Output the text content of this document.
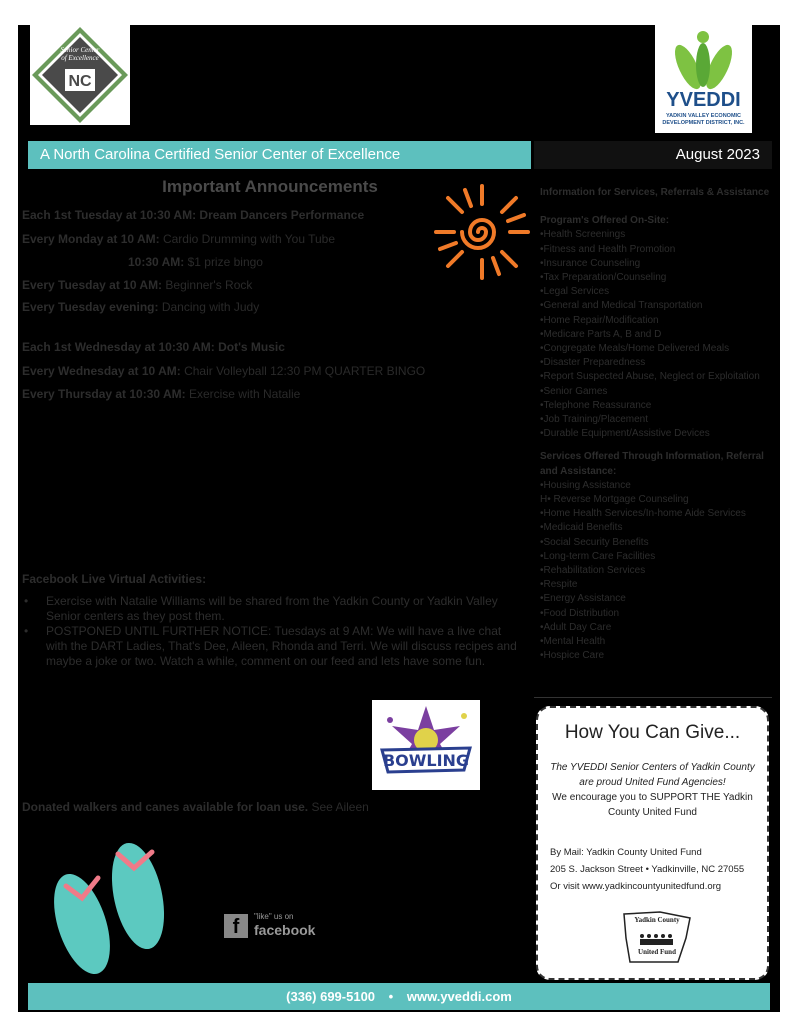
Senior Center
of Excellence
NC
YVEDDI
YADKIN VALLEY ECONOMIC DEVELOPMENT DISTRICT, INC.
A North Carolina Certified Senior Center of Excellence	August 2023
Important Announcements
Each 1st Tuesday at 10:30 AM: Dream Dancers Performance
Every Monday at 10 AM: Cardio Drumming with You Tube
10:30 AM: $1 prize bingo
Every Tuesday at 10 AM: Beginner's Rock
Every Tuesday evening: Dancing with Judy
Each 1st Wednesday at 10:30 AM: Dot's Music
Every Wednesday at 10 AM: Chair Volleyball 12:30 PM QUARTER BINGO
Every Thursday at 10:30 AM: Exercise with Natalie
Information for Services, Referrals & Assistance
Program's Offered On-Site:
• Health Screenings
• Fitness and Health Promotion
• Insurance Counseling
• Tax Preparation/Counseling
• Legal Services
• General and Medical Transportation
• Home Repair/Modification
• Medicare Parts A, B and D
• Congregate Meals/Home Delivered Meals
• Disaster Preparedness
• Report Suspected Abuse, Neglect or Exploitation
• Senior Games
• Telephone Reassurance
• Job Training/Placement
• Durable Equipment/Assistive Devices
Services Offered Through Information, Referral and Assistance:
• Housing Assistance
H• Reverse Mortgage Counseling
• Home Health Services/In-home Aide Services
• Medicaid Benefits
• Social Security Benefits
• Long-term Care Facilities
• Rehabilitation Services
• Respite
• Energy Assistance
• Food Distribution
• Adult Day Care
• Mental Health
• Hospice Care
Facebook Live Virtual Activities:
• Exercise with Natalie Williams will be shared from the Yadkin County or Yadkin Valley Senior centers as they post them.
• POSTPONED UNTIL FURTHER NOTICE: Tuesdays at 9 AM: We will have a live chat with the DART Ladies, That's Dee, Aileen, Rhonda and Terri. We will discuss recipes and maybe a joke or two. Watch a while, comment on our feed and lets have some fun.
BOWLING
Donated walkers and canes available for loan use. See Aileen
f	"like" us on
facebook
How You Can Give...
The YVEDDI Senior Centers of Yadkin County are proud United Fund Agencies!
We encourage you to SUPPORT THE Yadkin County United Fund
By Mail: Yadkin County United Fund
205 S. Jackson Street • Yadkinville, NC 27055
Or visit www.yadkincountyunitedfund.org
Yadkin County
United Fund
(336) 699-5100 • www.yveddi.com
